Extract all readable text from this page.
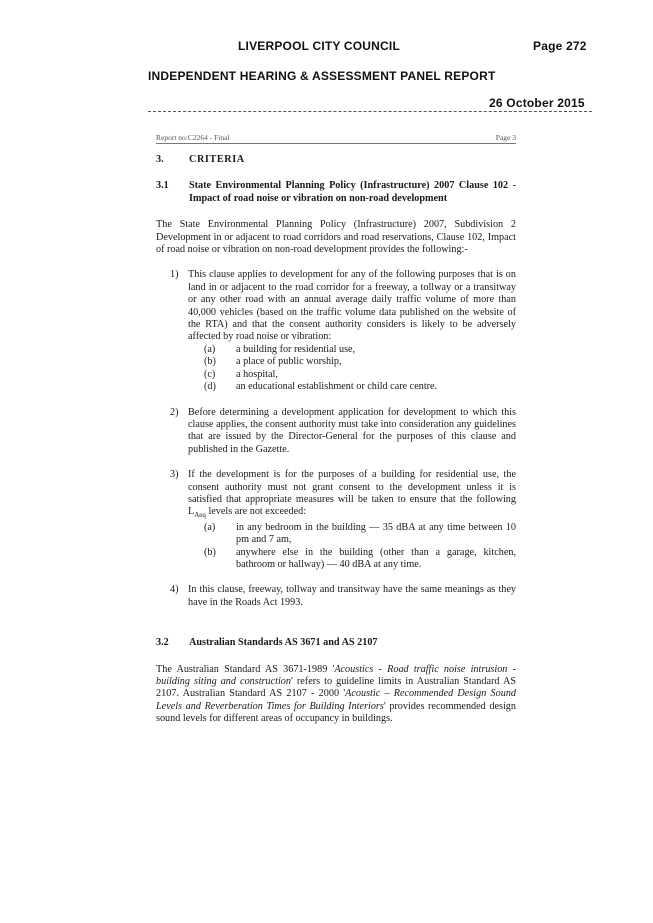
LIVERPOOL CITY COUNCIL	Page 272
INDEPENDENT HEARING & ASSESSMENT PANEL REPORT
26 October 2015
Report no:C2264 - Final	Page 3
3.	CRITERIA
3.1	State Environmental Planning Policy (Infrastructure) 2007 Clause 102 - Impact of road noise or vibration on non-road development
The State Environmental Planning Policy (Infrastructure) 2007, Subdivision 2 Development in or adjacent to road corridors and road reservations, Clause 102, Impact of road noise or vibration on non-road development provides the following:-
1) This clause applies to development for any of the following purposes that is on land in or adjacent to the road corridor for a freeway, a tollway or a transitway or any other road with an annual average daily traffic volume of more than 40,000 vehicles (based on the traffic volume data published on the website of the RTA) and that the consent authority considers is likely to be adversely affected by road noise or vibration:
(a)	a building for residential use,
(b)	a place of public worship,
(c)	a hospital,
(d)	an educational establishment or child care centre.
2) Before determining a development application for development to which this clause applies, the consent authority must take into consideration any guidelines that are issued by the Director-General for the purposes of this clause and published in the Gazette.
3) If the development is for the purposes of a building for residential use, the consent authority must not grant consent to the development unless it is satisfied that appropriate measures will be taken to ensure that the following $L_{Aeq}$ levels are not exceeded:
(a)	in any bedroom in the building — 35 dBA at any time between 10 pm and 7 am,
(b)	anywhere else in the building (other than a garage, kitchen, bathroom or hallway) — 40 dBA at any time.
4) In this clause, freeway, tollway and transitway have the same meanings as they have in the Roads Act 1993.
3.2	Australian Standards AS 3671 and AS 2107
The Australian Standard AS 3671-1989 'Acoustics - Road traffic noise intrusion - building siting and construction' refers to guideline limits in Australian Standard AS 2107. Australian Standard AS 2107 - 2000 'Acoustic – Recommended Design Sound Levels and Reverberation Times for Building Interiors' provides recommended design sound levels for different areas of occupancy in buildings.
